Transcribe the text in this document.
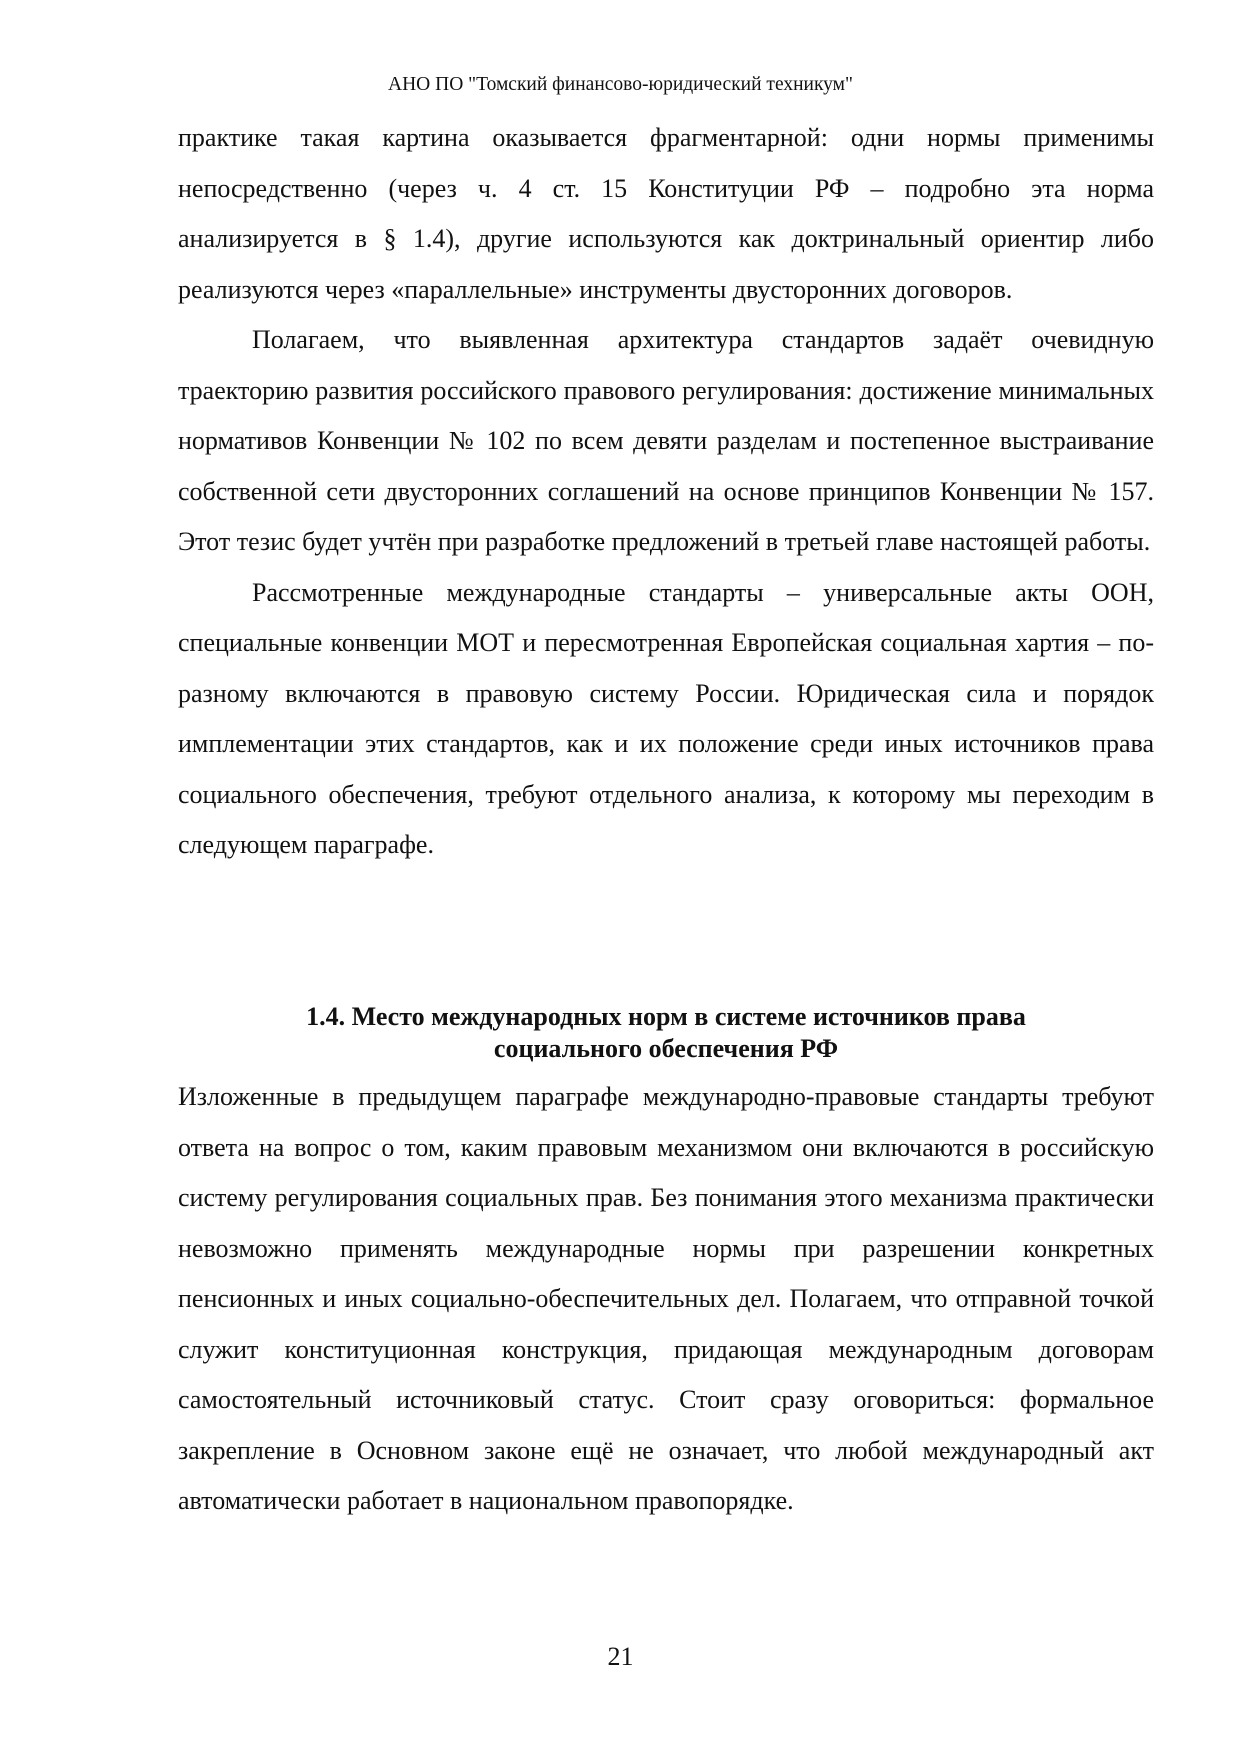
АНО ПО "Томский финансово-юридический техникум"

практике такая картина оказывается фрагментарной: одни нормы применимы непосредственно (через ч. 4 ст. 15 Конституции РФ – подробно эта норма анализируется в § 1.4), другие используются как доктринальный ориентир либо реализуются через «параллельные» инструменты двусторонних договоров.

Полагаем, что выявленная архитектура стандартов задаёт очевидную траекторию развития российского правового регулирования: достижение минимальных нормативов Конвенции № 102 по всем девяти разделам и постепенное выстраивание собственной сети двусторонних соглашений на основе принципов Конвенции № 157. Этот тезис будет учтён при разработке предложений в третьей главе настоящей работы.

Рассмотренные международные стандарты – универсальные акты ООН, специальные конвенции МОТ и пересмотренная Европейская социальная хартия – по-разному включаются в правовую систему России. Юридическая сила и порядок имплементации этих стандартов, как и их положение среди иных источников права социального обеспечения, требуют отдельного анализа, к которому мы переходим в следующем параграфе.

1.4. Место международных норм в системе источников права
социального обеспечения РФ

Изложенные в предыдущем параграфе международно-правовые стандарты требуют ответа на вопрос о том, каким правовым механизмом они включаются в российскую систему регулирования социальных прав. Без понимания этого механизма практически невозможно применять международные нормы при разрешении конкретных пенсионных и иных социально-обеспечительных дел. Полагаем, что отправной точкой служит конституционная конструкция, придающая международным договорам самостоятельный источниковый статус. Стоит сразу оговориться: формальное закрепление в Основном законе ещё не означает, что любой международный акт автоматически работает в национальном правопорядке.

21
